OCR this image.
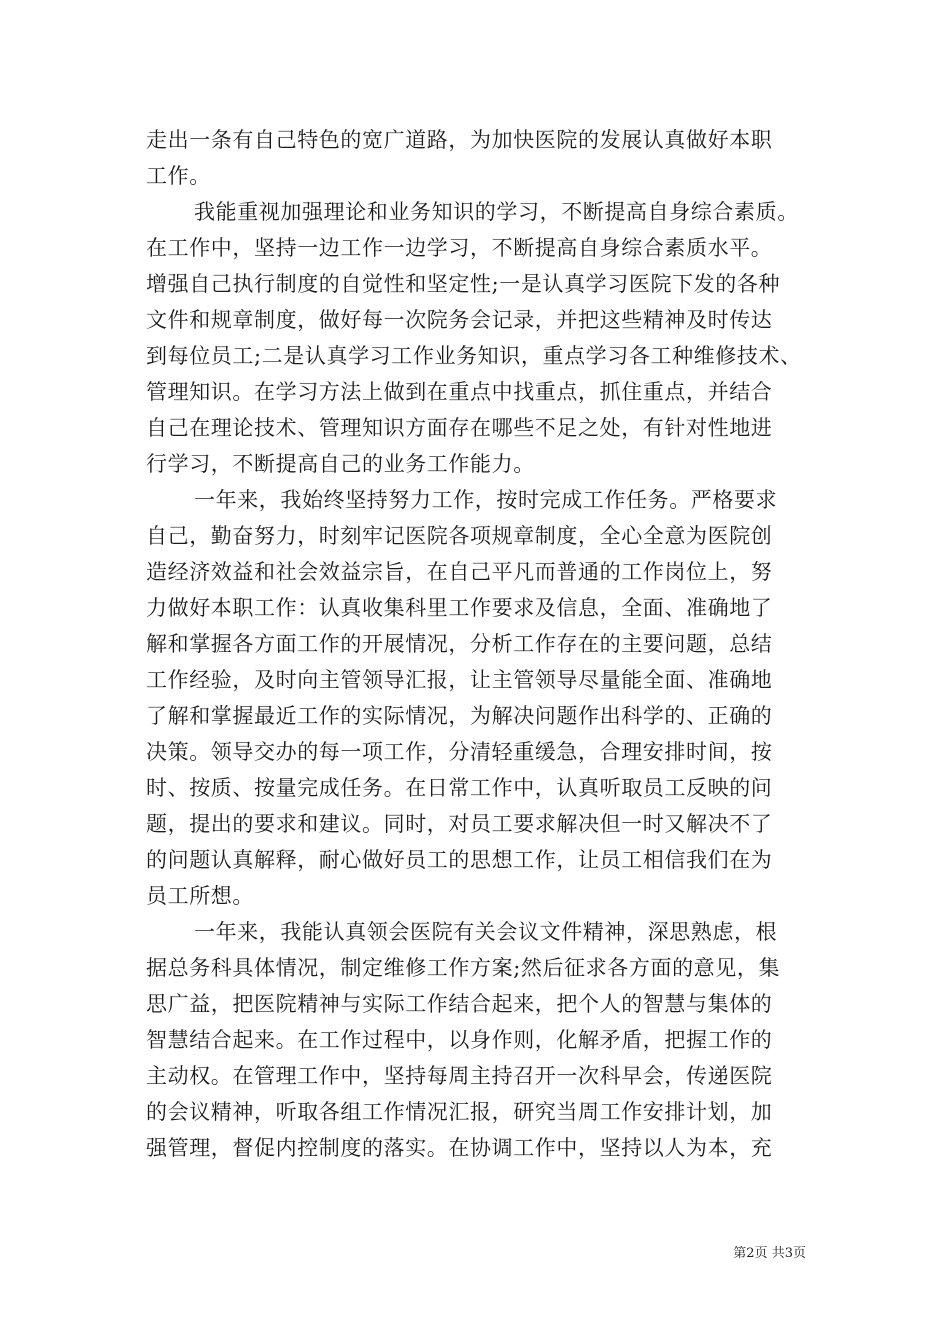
走出一条有自己特色的宽广道路，为加快医院的发展认真做好本职
工作。
我能重视加强理论和业务知识的学习，不断提高自身综合素质。
在工作中，坚持一边工作一边学习，不断提高自身综合素质水平。
增强自己执行制度的自觉性和坚定性;一是认真学习医院下发的各种
文件和规章制度，做好每一次院务会记录，并把这些精神及时传达
到每位员工;二是认真学习工作业务知识，重点学习各工种维修技术、
管理知识。在学习方法上做到在重点中找重点，抓住重点，并结合
自己在理论技术、管理知识方面存在哪些不足之处，有针对性地进
行学习，不断提高自己的业务工作能力。
一年来，我始终坚持努力工作，按时完成工作任务。严格要求
自己，勤奋努力，时刻牢记医院各项规章制度，全心全意为医院创
造经济效益和社会效益宗旨，在自己平凡而普通的工作岗位上，努
力做好本职工作：认真收集科里工作要求及信息，全面、准确地了
解和掌握各方面工作的开展情况，分析工作存在的主要问题，总结
工作经验，及时向主管领导汇报，让主管领导尽量能全面、准确地
了解和掌握最近工作的实际情况，为解决问题作出科学的、正确的
决策。领导交办的每一项工作，分清轻重缓急，合理安排时间，按
时、按质、按量完成任务。在日常工作中，认真听取员工反映的问
题，提出的要求和建议。同时，对员工要求解决但一时又解决不了
的问题认真解释，耐心做好员工的思想工作，让员工相信我们在为
员工所想。
一年来，我能认真领会医院有关会议文件精神，深思熟虑，根
据总务科具体情况，制定维修工作方案;然后征求各方面的意见，集
思广益，把医院精神与实际工作结合起来，把个人的智慧与集体的
智慧结合起来。在工作过程中，以身作则，化解矛盾，把握工作的
主动权。在管理工作中，坚持每周主持召开一次科早会，传递医院
的会议精神，听取各组工作情况汇报，研究当周工作安排计划，加
强管理，督促内控制度的落实。在协调工作中，坚持以人为本，充
第2页 共3页
